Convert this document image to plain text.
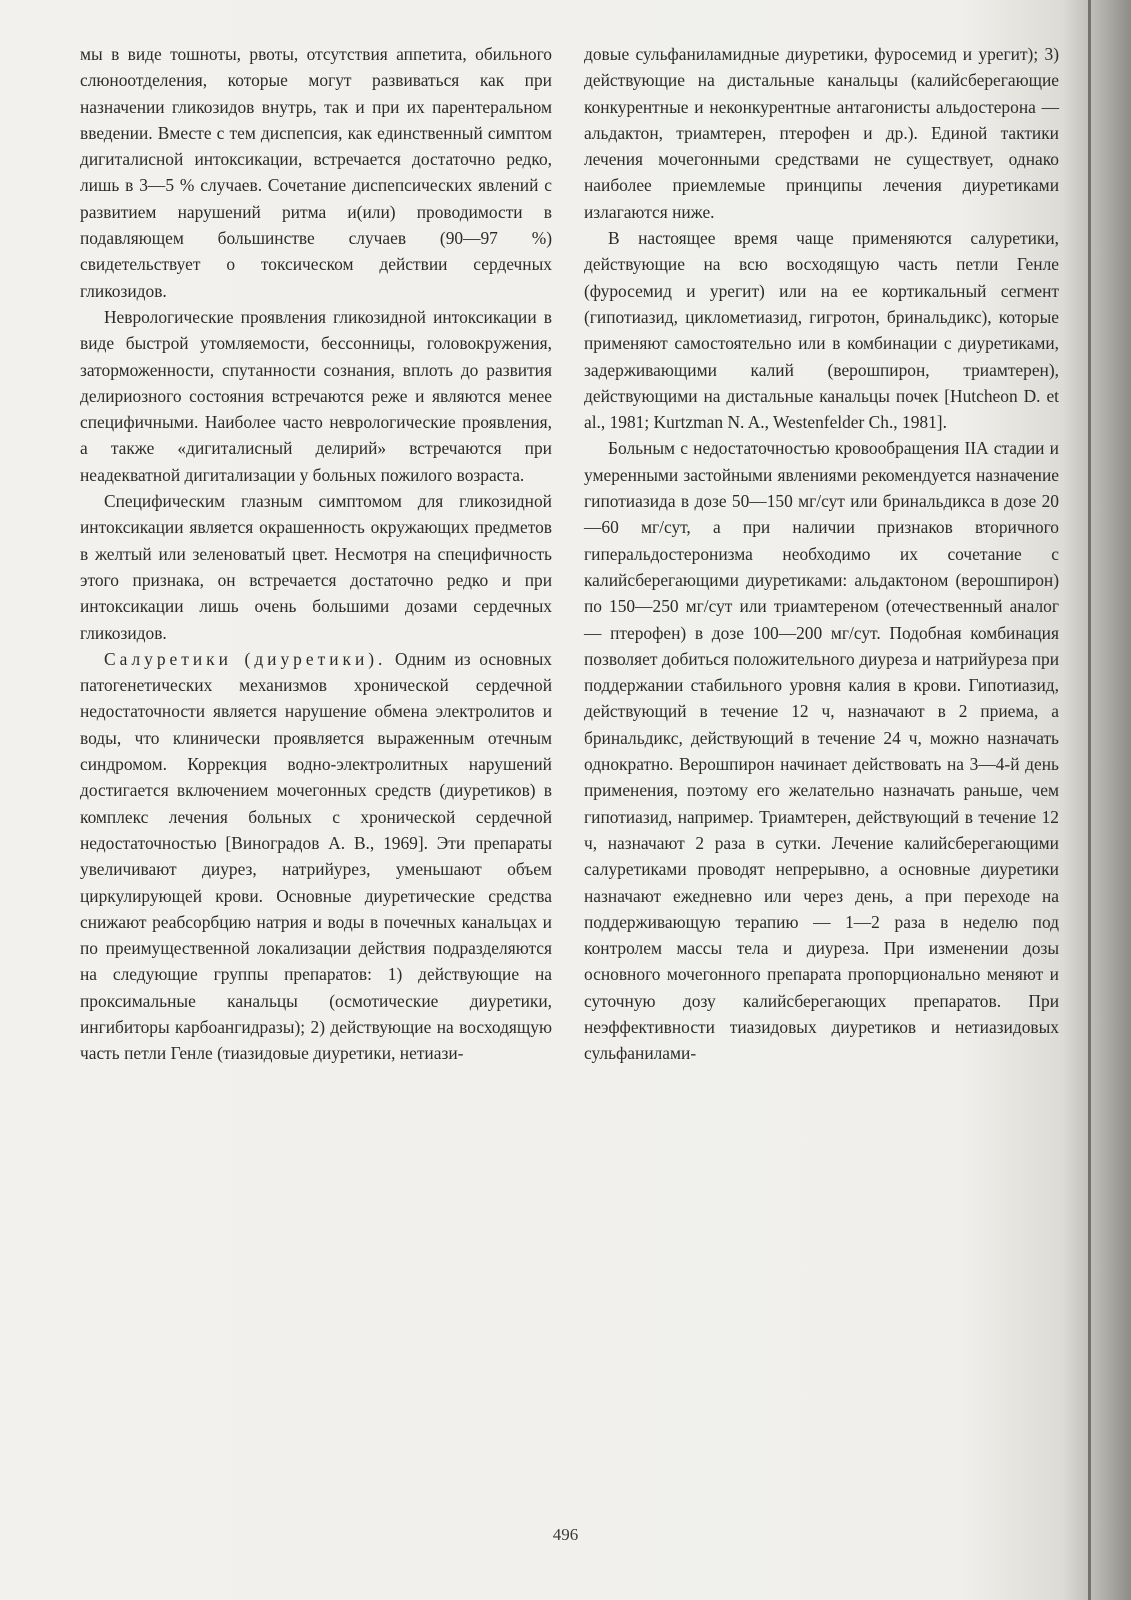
мы в виде тошноты, рвоты, отсутствия аппетита, обильного слюноотделения, которые могут развиваться как при назначении гликозидов внутрь, так и при их парентеральном введении. Вместе с тем диспепсия, как единственный симптом дигиталисной интоксикации, встречается достаточно редко, лишь в 3—5 % случаев. Сочетание диспепсических явлений с развитием нарушений ритма и(или) проводимости в подавляющем большинстве случаев (90—97 %) свидетельствует о токсическом действии сердечных гликозидов.

Неврологические проявления гликозидной интоксикации в виде быстрой утомляемости, бессонницы, головокружения, заторможенности, спутанности сознания, вплоть до развития делириозного состояния встречаются реже и являются менее специфичными. Наиболее часто неврологические проявления, а также «дигиталисный делирий» встречаются при неадекватной дигитализации у больных пожилого возраста.

Специфическим глазным симптомом для гликозидной интоксикации является окрашенность окружающих предметов в желтый или зеленоватый цвет. Несмотря на специфичность этого признака, он встречается достаточно редко и при интоксикации лишь очень большими дозами сердечных гликозидов.

Салуретики (диуретики). Одним из основных патогенетических механизмов хронической сердечной недостаточности является нарушение обмена электролитов и воды, что клинически проявляется выраженным отечным синдромом. Коррекция водно-электролитных нарушений достигается включением мочегонных средств (диуретиков) в комплекс лечения больных с хронической сердечной недостаточностью [Виноградов А. В., 1969]. Эти препараты увеличивают диурез, натрийурез, уменьшают объем циркулирующей крови. Основные диуретические средства снижают реабсорбцию натрия и воды в почечных канальцах и по преимущественной локализации действия подразделяются на следующие группы препаратов: 1) действующие на проксимальные канальцы (осмотические диуретики, ингибиторы карбоангидразы); 2) действующие на восходящую часть петли Генле (тиазидовые диуретики, нетиази-

довые сульфаниламидные диуретики, фуросемид и урегит); 3) действующие на дистальные канальцы (калийсберегающие конкурентные и неконкурентные антагонисты альдостерона — альдактон, триамтерен, птерофен и др.). Единой тактики лечения мочегонными средствами не существует, однако наиболее приемлемые принципы лечения диуретиками излагаются ниже.

В настоящее время чаще применяются салуретики, действующие на всю восходящую часть петли Генле (фуросемид и урегит) или на ее кортикальный сегмент (гипотиазид, циклометиазид, гигротон, бринальдикс), которые применяют самостоятельно или в комбинации с диуретиками, задерживающими калий (верошпирон, триамтерен), действующими на дистальные канальцы почек [Hutcheon D. et al., 1981; Kurtzman N. A., Westenfelder Ch., 1981].

Больным с недостаточностью кровообращения IIА стадии и умеренными застойными явлениями рекомендуется назначение гипотиазида в дозе 50—150 мг/сут или бринальдикса в дозе 20—60 мг/сут, а при наличии признаков вторичного гиперальдостеронизма необходимо их сочетание с калийсберегающими диуретиками: альдактоном (верошпирон) по 150—250 мг/сут или триамтереном (отечественный аналог — птерофен) в дозе 100—200 мг/сут. Подобная комбинация позволяет добиться положительного диуреза и натрийуреза при поддержании стабильного уровня калия в крови. Гипотиазид, действующий в течение 12 ч, назначают в 2 приема, а бринальдикс, действующий в течение 24 ч, можно назначать однократно. Верошпирон начинает действовать на 3—4-й день применения, поэтому его желательно назначать раньше, чем гипотиазид, например. Триамтерен, действующий в течение 12 ч, назначают 2 раза в сутки. Лечение калийсберегающими салуретиками проводят непрерывно, а основные диуретики назначают ежедневно или через день, а при переходе на поддерживающую терапию — 1—2 раза в неделю под контролем массы тела и диуреза. При изменении дозы основного мочегонного препарата пропорционально меняют и суточную дозу калийсберегающих препаратов. При неэффективности тиазидовых диуретиков и нетиазидовых сульфанилами-

496
